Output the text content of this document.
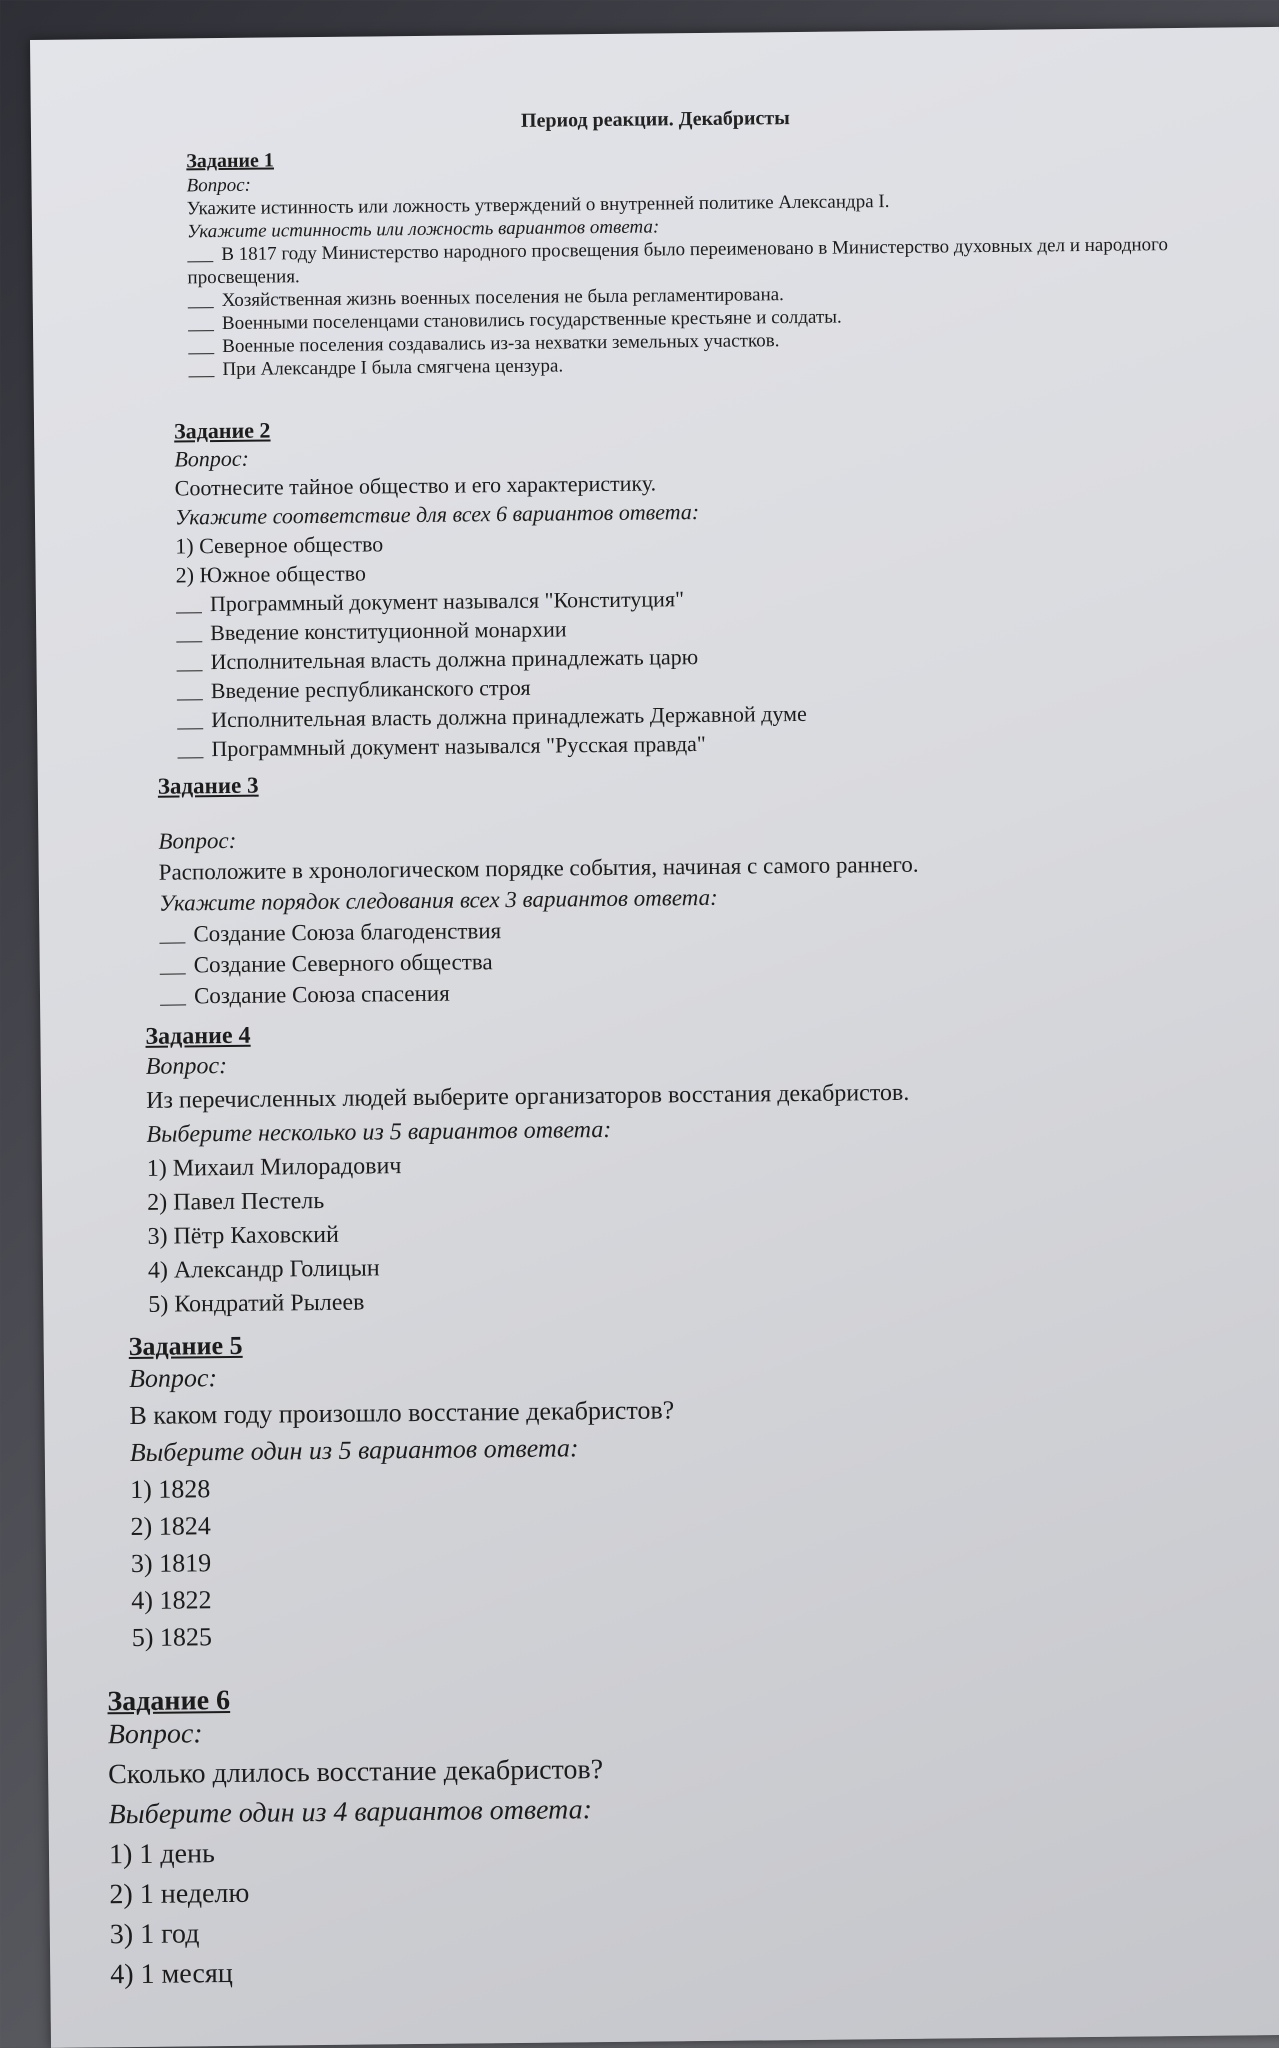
Период реакции. Декабристы
Задание 1
Вопрос:
Укажите истинность или ложность утверждений о внутренней политике Александра I.
Укажите истинность или ложность вариантов ответа:
В 1817 году Министерство народного просвещения было переименовано в Министерство духовных дел и народного просвещения.
Хозяйственная жизнь военных поселения не была регламентирована.
Военными поселенцами становились государственные крестьяне и солдаты.
Военные поселения создавались из-за нехватки земельных участков.
При Александре I была смягчена цензура.
Задание 2
Вопрос:
Соотнесите тайное общество и его характеристику.
Укажите соответствие для всех 6 вариантов ответа:
1) Северное общество
2) Южное общество
Программный документ назывался "Конституция"
Введение конституционной монархии
Исполнительная власть должна принадлежать царю
Введение республиканского строя
Исполнительная власть должна принадлежать Державной думе
Программный документ назывался "Русская правда"
Задание 3
Вопрос:
Расположите в хронологическом порядке события, начиная с самого раннего.
Укажите порядок следования всех 3 вариантов ответа:
Создание Союза благоденствия
Создание Северного общества
Создание Союза спасения
Задание 4
Вопрос:
Из перечисленных людей выберите организаторов восстания декабристов.
Выберите несколько из 5 вариантов ответа:
1) Михаил Милорадович
2) Павел Пестель
3) Пётр Каховский
4) Александр Голицын
5) Кондратий Рылеев
Задание 5
Вопрос:
В каком году произошло восстание декабристов?
Выберите один из 5 вариантов ответа:
1) 1828
2) 1824
3) 1819
4) 1822
5) 1825
Задание 6
Вопрос:
Сколько длилось восстание декабристов?
Выберите один из 4 вариантов ответа:
1) 1 день
2) 1 неделю
3) 1 год
4) 1 месяц
